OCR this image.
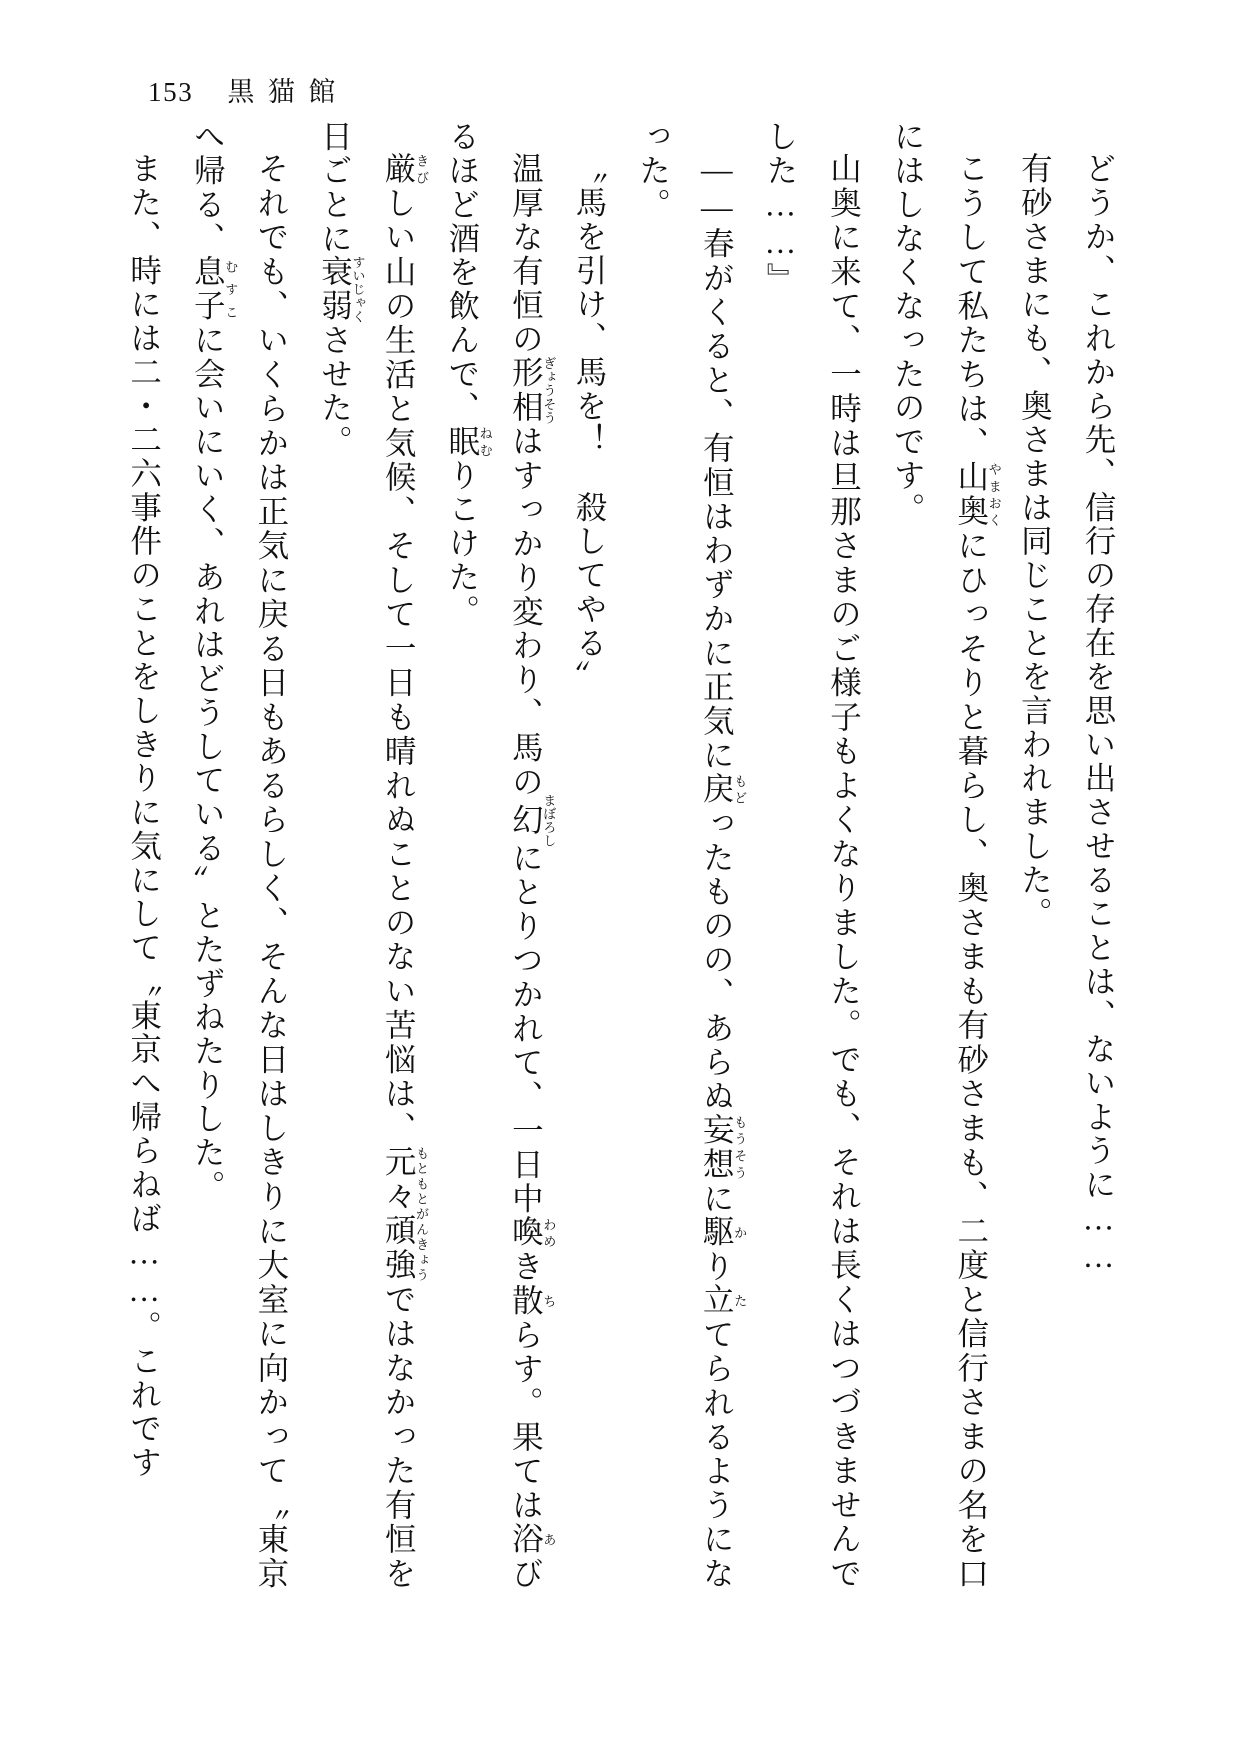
153 黒猫館

どうか、これから先、信行の存在を思い出させることは、ないように……

有砂さまにも、奥さまは同じことを言われました。

こうして私たちは、山奥やまおくにひっそりと暮らし、奥さまも有砂さまも、二度と信行さまの名を口にはしなくなったのです。

山奥に来て、一時は旦那さまのご様子もよくなりました。でも、それは長くはつづきませんでした……』

――春がくると、有恒はわずかに正気に戻もどったものの、あらぬ妄想もうそうに駆かり立たてられるようになった。

〝馬を引け、馬を！　殺してやる〟

温厚な有恒の形相ぎょうそうはすっかり変わり、馬の幻まぼろしにとりつかれて、一日中喚わめき散ちらす。果ては浴あびるほど酒を飲んで、眠ねむりこけた。

厳きびしい山の生活と気候、そして一日も晴れぬことのない苦悩は、元々頑強もともとがんきょうではなかった有恒を日ごとに衰弱すいじゃくさせた。

それでも、いくらかは正気に戻る日もあるらしく、そんな日はしきりに大室に向かって〝東京へ帰る、息子むすこに会いにいく、あれはどうしている〟とたずねたりした。

また、時には二・二六事件のことをしきりに気にして〝東京へ帰らねば……。これです
